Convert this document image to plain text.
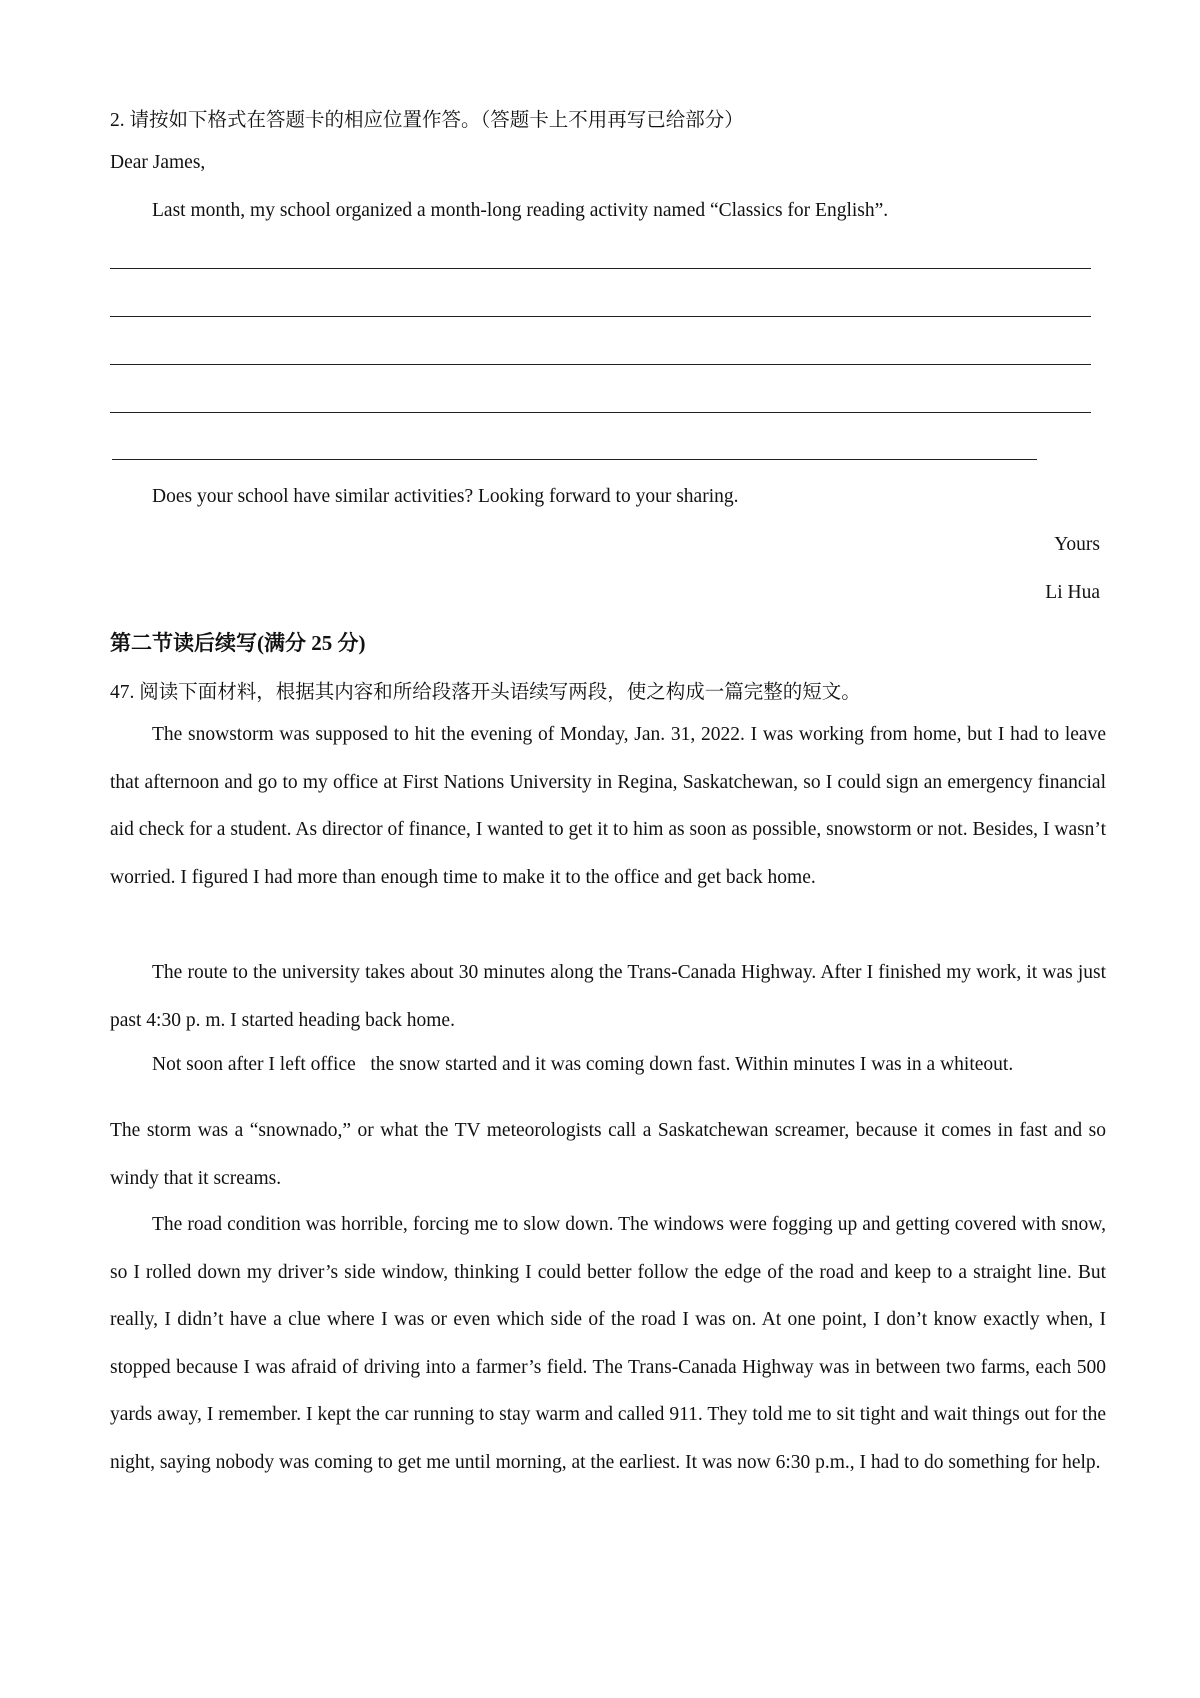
2. 请按如下格式在答题卡的相应位置作答。（答题卡上不用再写已给部分）
Dear James,
Last month, my school organized a month-long reading activity named “Classics for English”.
Does your school have similar activities? Looking forward to your sharing.
Yours
Li Hua
第二节读后续写(满分 25 分)
47. 阅读下面材料，根据其内容和所给段落开头语续写两段，使之构成一篇完整的短文。
The snowstorm was supposed to hit the evening of Monday, Jan. 31, 2022. I was working from home, but I had to leave that afternoon and go to my office at First Nations University in Regina, Saskatchewan, so I could sign an emergency financial aid check for a student. As director of finance, I wanted to get it to him as soon as possible, snowstorm or not. Besides, I wasn’t worried. I figured I had more than enough time to make it to the office and get back home.
The route to the university takes about 30 minutes along the Trans-Canada Highway. After I finished my work, it was just past 4:30 p. m. I started heading back home.
Not soon after I left office   the snow started and it was coming down fast. Within minutes I was in a whiteout.
The storm was a “snownado,” or what the TV meteorologists call a Saskatchewan screamer, because it comes in fast and so windy that it screams.
The road condition was horrible, forcing me to slow down. The windows were fogging up and getting covered with snow, so I rolled down my driver’s side window, thinking I could better follow the edge of the road and keep to a straight line. But really, I didn’t have a clue where I was or even which side of the road I was on. At one point, I don’t know exactly when, I stopped because I was afraid of driving into a farmer’s field. The Trans-Canada Highway was in between two farms, each 500 yards away, I remember. I kept the car running to stay warm and called 911. They told me to sit tight and wait things out for the night, saying nobody was coming to get me until morning, at the earliest. It was now 6:30 p.m., I had to do something for help.
